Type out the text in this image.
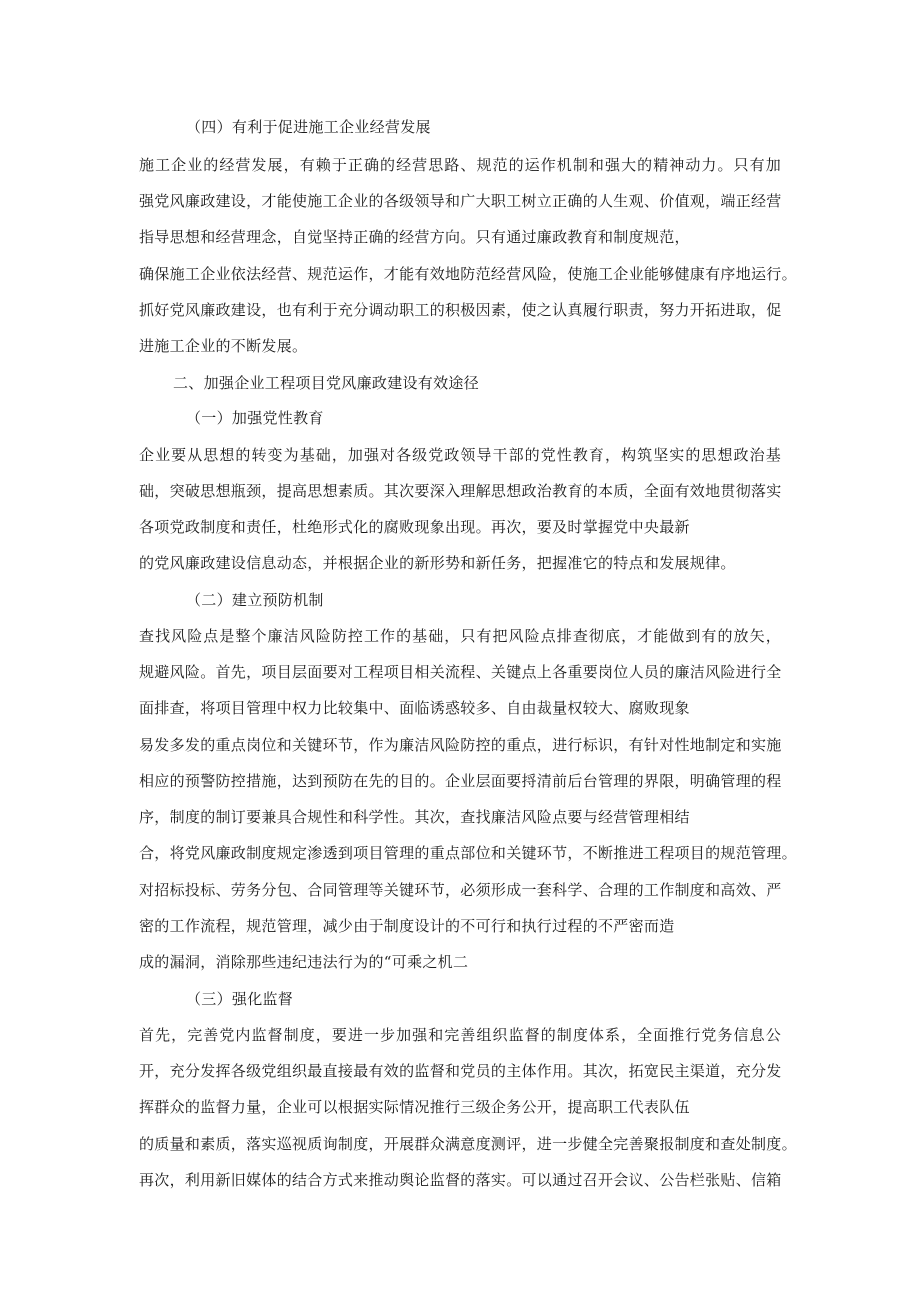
（四）有利于促进施工企业经营发展
施工企业的经营发展，有赖于正确的经营思路、规范的运作机制和强大的精神动力。只有加
强党风廉政建设，才能使施工企业的各级领导和广大职工树立正确的人生观、价值观，端正经营
指导思想和经营理念，自觉坚持正确的经营方向。只有通过廉政教育和制度规范，
确保施工企业依法经营、规范运作，才能有效地防范经营风险，使施工企业能够健康有序地运行。
抓好党风廉政建设，也有利于充分调动职工的积极因素，使之认真履行职责，努力开拓进取，促
进施工企业的不断发展。
二、加强企业工程项目党风廉政建设有效途径
（一）加强党性教育
企业要从思想的转变为基础，加强对各级党政领导干部的党性教育，构筑坚实的思想政治基
础，突破思想瓶颈，提高思想素质。其次要深入理解思想政治教育的本质，全面有效地贯彻落实
各项党政制度和责任，杜绝形式化的腐败现象出现。再次，要及时掌握党中央最新
的党风廉政建设信息动态，并根据企业的新形势和新任务，把握准它的特点和发展规律。
（二）建立预防机制
查找风险点是整个廉洁风险防控工作的基础，只有把风险点排查彻底，才能做到有的放矢，
规避风险。首先，项目层面要对工程项目相关流程、关键点上各重要岗位人员的廉洁风险进行全
面排查，将项目管理中权力比较集中、面临诱惑较多、自由裁量权较大、腐败现象
易发多发的重点岗位和关键环节，作为廉洁风险防控的重点，进行标识，有针对性地制定和实施
相应的预警防控措施，达到预防在先的目的。企业层面要捋清前后台管理的界限，明确管理的程
序，制度的制订要兼具合规性和科学性。其次，查找廉洁风险点要与经营管理相结
合，将党风廉政制度规定渗透到项目管理的重点部位和关键环节，不断推进工程项目的规范管理。
对招标投标、劳务分包、合同管理等关键环节，必须形成一套科学、合理的工作制度和高效、严
密的工作流程，规范管理，减少由于制度设计的不可行和执行过程的不严密而造
成的漏洞，消除那些违纪违法行为的“可乘之机二
（三）强化监督
首先，完善党内监督制度，要进一步加强和完善组织监督的制度体系，全面推行党务信息公
开，充分发挥各级党组织最直接最有效的监督和党员的主体作用。其次，拓宽民主渠道，充分发
挥群众的监督力量，企业可以根据实际情况推行三级企务公开，提高职工代表队伍
的质量和素质，落实巡视质询制度，开展群众满意度测评，进一步健全完善聚报制度和查处制度。
再次，利用新旧媒体的结合方式来推动舆论监督的落实。可以通过召开会议、公告栏张贴、信箱
